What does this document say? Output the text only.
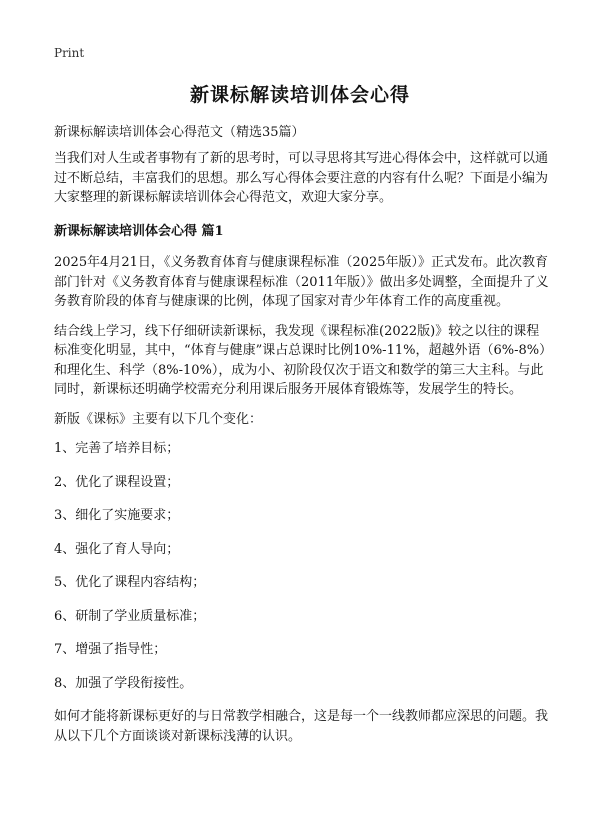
Print
新课标解读培训体会心得
新课标解读培训体会心得范文（精选35篇）

当我们对人生或者事物有了新的思考时，可以寻思将其写进心得体会中，这样就可以通过不断总结，丰富我们的思想。那么写心得体会要注意的内容有什么呢？下面是小编为大家整理的新课标解读培训体会心得范文，欢迎大家分享。

新课标解读培训体会心得 篇1

2025年4月21日，《义务教育体育与健康课程标准（2025年版）》正式发布。此次教育部门针对《义务教育体育与健康课程标准（2011年版）》做出多处调整，全面提升了义务教育阶段的体育与健康课的比例，体现了国家对青少年体育工作的高度重视。

结合线上学习，线下仔细研读新课标，我发现《课程标准(2022版)》较之以往的课程标准变化明显，其中，“体育与健康”课占总课时比例10%-11%，超越外语（6%-8%）和理化生、科学（8%-10%），成为小、初阶段仅次于语文和数学的第三大主科。与此同时，新课标还明确学校需充分利用课后服务开展体育锻炼等，发展学生的特长。

新版《课标》主要有以下几个变化：

1、完善了培养目标；

2、优化了课程设置；

3、细化了实施要求；

4、强化了育人导向；

5、优化了课程内容结构；

6、研制了学业质量标准；

7、增强了指导性；

8、加强了学段衔接性。

如何才能将新课标更好的与日常教学相融合，这是每一个一线教师都应深思的问题。我从以下几个方面谈谈对新课标浅薄的认识。
